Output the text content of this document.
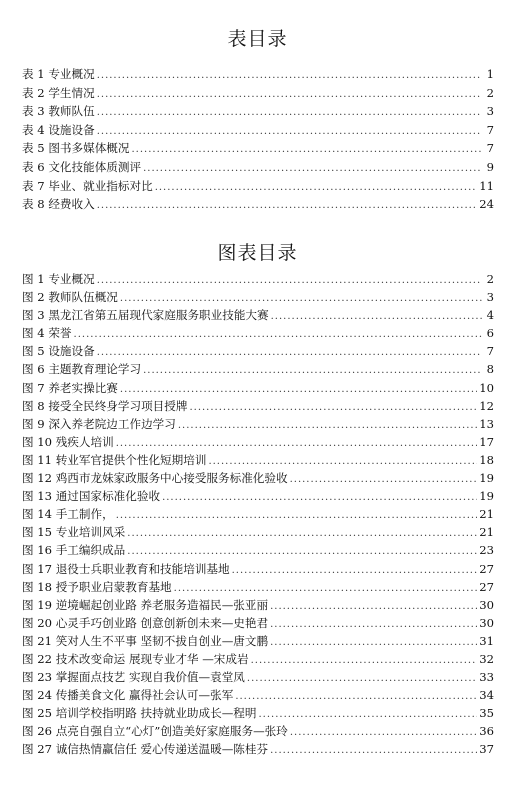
表目录
表 1 专业概况 .....	1
表 2 学生情况 .....	2
表 3 教师队伍 .....	3
表 4 设施设备 .....	7
表 5 图书多媒体概况 .....	7
表 6 文化技能体质测评 .....	9
表 7 毕业、就业指标对比 .....	11
表 8 经费收入 .....	24
图表目录
图 1 专业概况 .....	2
图 2 教师队伍概况 .....	3
图 3 黑龙江省第五届现代家庭服务职业技能大赛 .....	4
图 4 荣誉 .....	6
图 5 设施设备 .....	7
图 6 主题教育理论学习 .....	8
图 7 养老实操比赛 .....	10
图 8 接受全民终身学习项目授牌 .....	12
图 9 深入养老院边工作边学习 .....	13
图 10 残疾人培训 .....	17
图 11 转业军官提供个性化短期培训 .....	18
图 12 鸡西市龙妹家政服务中心接受服务标准化验收 .....	19
图 13 通过国家标准化验收 .....	19
图 14 手工制作， .....	21
图 15 专业培训风采 .....	21
图 16 手工编织成品 .....	23
图 17 退役士兵职业教育和技能培训基地 .....	27
图 18 授予职业启蒙教育基地 .....	27
图 19 逆境崛起创业路 养老服务造福民—张亚丽 .....	30
图 20 心灵手巧创业路 创意创新创未来—史艳君 .....	30
图 21 笑对人生不平事 坚韧不拔自创业—唐文鹏 .....	31
图 22 技术改变命运 展现专业才华 —宋成岩 .....	32
图 23 掌握面点技艺 实现自我价值—袁堂凤 .....	33
图 24 传播美食文化 赢得社会认可—张军 .....	34
图 25 培训学校指明路 扶持就业助成长—程明 .....	35
图 26 点亮自强自立“心灯”创造美好家庭服务—张玲 .....	36
图 27 诚信热情赢信任 爱心传递送温暖—陈桂芬 .....	37
